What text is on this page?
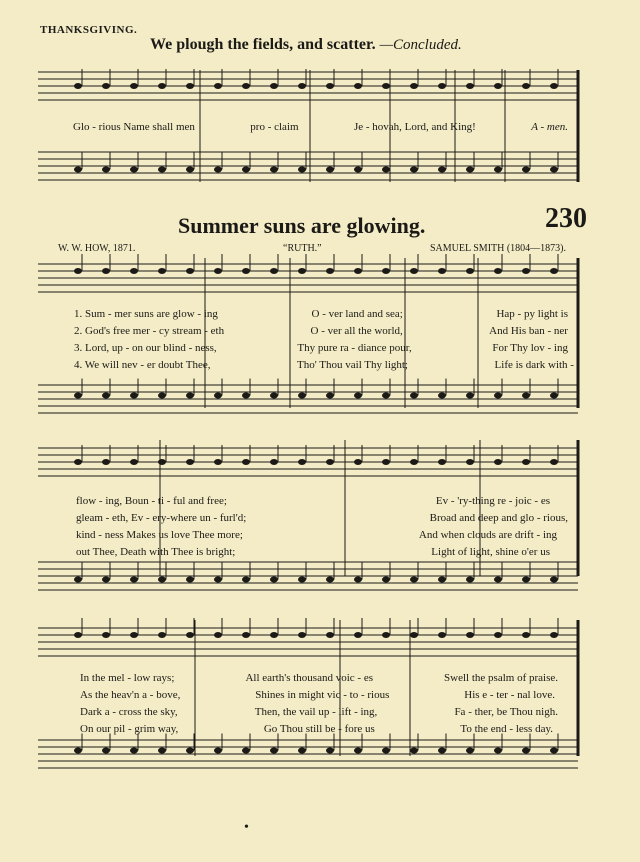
THANKSGIVING.
We plough the fields, and scatter. —Concluded.
Glo - rious Name shall men	pro - claim	Je - hovah, Lord, and King!	A - men.
Summer suns are glowing.	230
W. W. HOW, 1871.	“RUTH.”	SAMUEL SMITH (1804—1873).
1. Sum - mer suns are glow - ing	O - ver land and sea;	Hap - py light is
2. God's free mer - cy stream - eth	O - ver all the world,	And His ban - ner
3. Lord, up - on our blind - ness,	Thy pure ra - diance pour,	For Thy lov - ing
4. We will nev - er doubt Thee,	Tho' Thou vail Thy light;	Life is dark with -
flow - ing, Boun - ti - ful and free;	Ev - 'ry-thing re - joic - es
gleam - eth, Ev - ery-where un - furl'd;	Broad and deep and glo - rious,
kind - ness Makes us love Thee more;	And when clouds are drift - ing
out Thee, Death with Thee is bright;	Light of light, shine o'er us
In the mel - low rays;	All earth's thousand voic - es	Swell the psalm of praise.
As the heav'n a - bove,	Shines in might vic - to - rious	His e - ter - nal love.
Dark a - cross the sky,	Then, the vail up - lift - ing,	Fa - ther, be Thou nigh.
On our pil - grim way,	Go Thou still be - fore us	To the end - less day.
•
